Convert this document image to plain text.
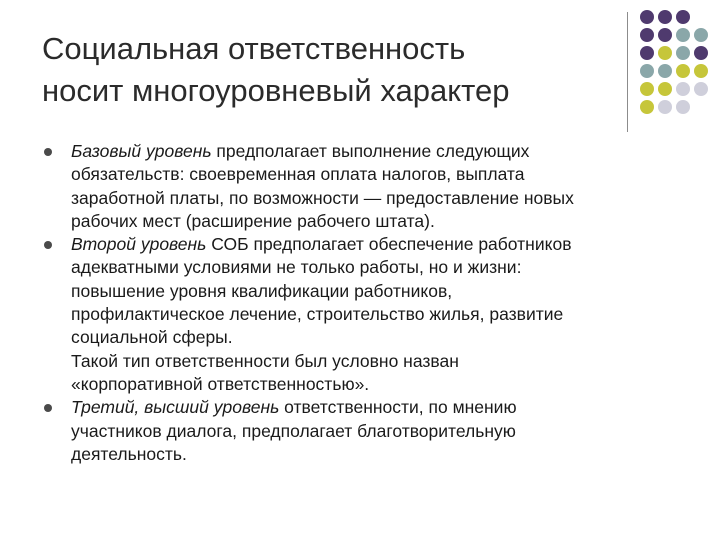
Социальная ответственность
носит многоуровневый характер
Базовый уровень предполагает выполнение следующих
обязательств: своевременная оплата налогов, выплата
заработной платы, по возможности — предоставление новых
рабочих мест (расширение рабочего штата).
Второй уровень СОБ предполагает обеспечение работников
адекватными условиями не только работы, но и жизни:
повышение уровня квалификации работников,
профилактическое лечение, строительство жилья, развитие
социальной сферы.
Такой тип ответственности был условно назван
«корпоративной ответственностью».
Третий, высший уровень ответственности, по мнению
участников диалога, предполагает благотворительную
деятельность.
